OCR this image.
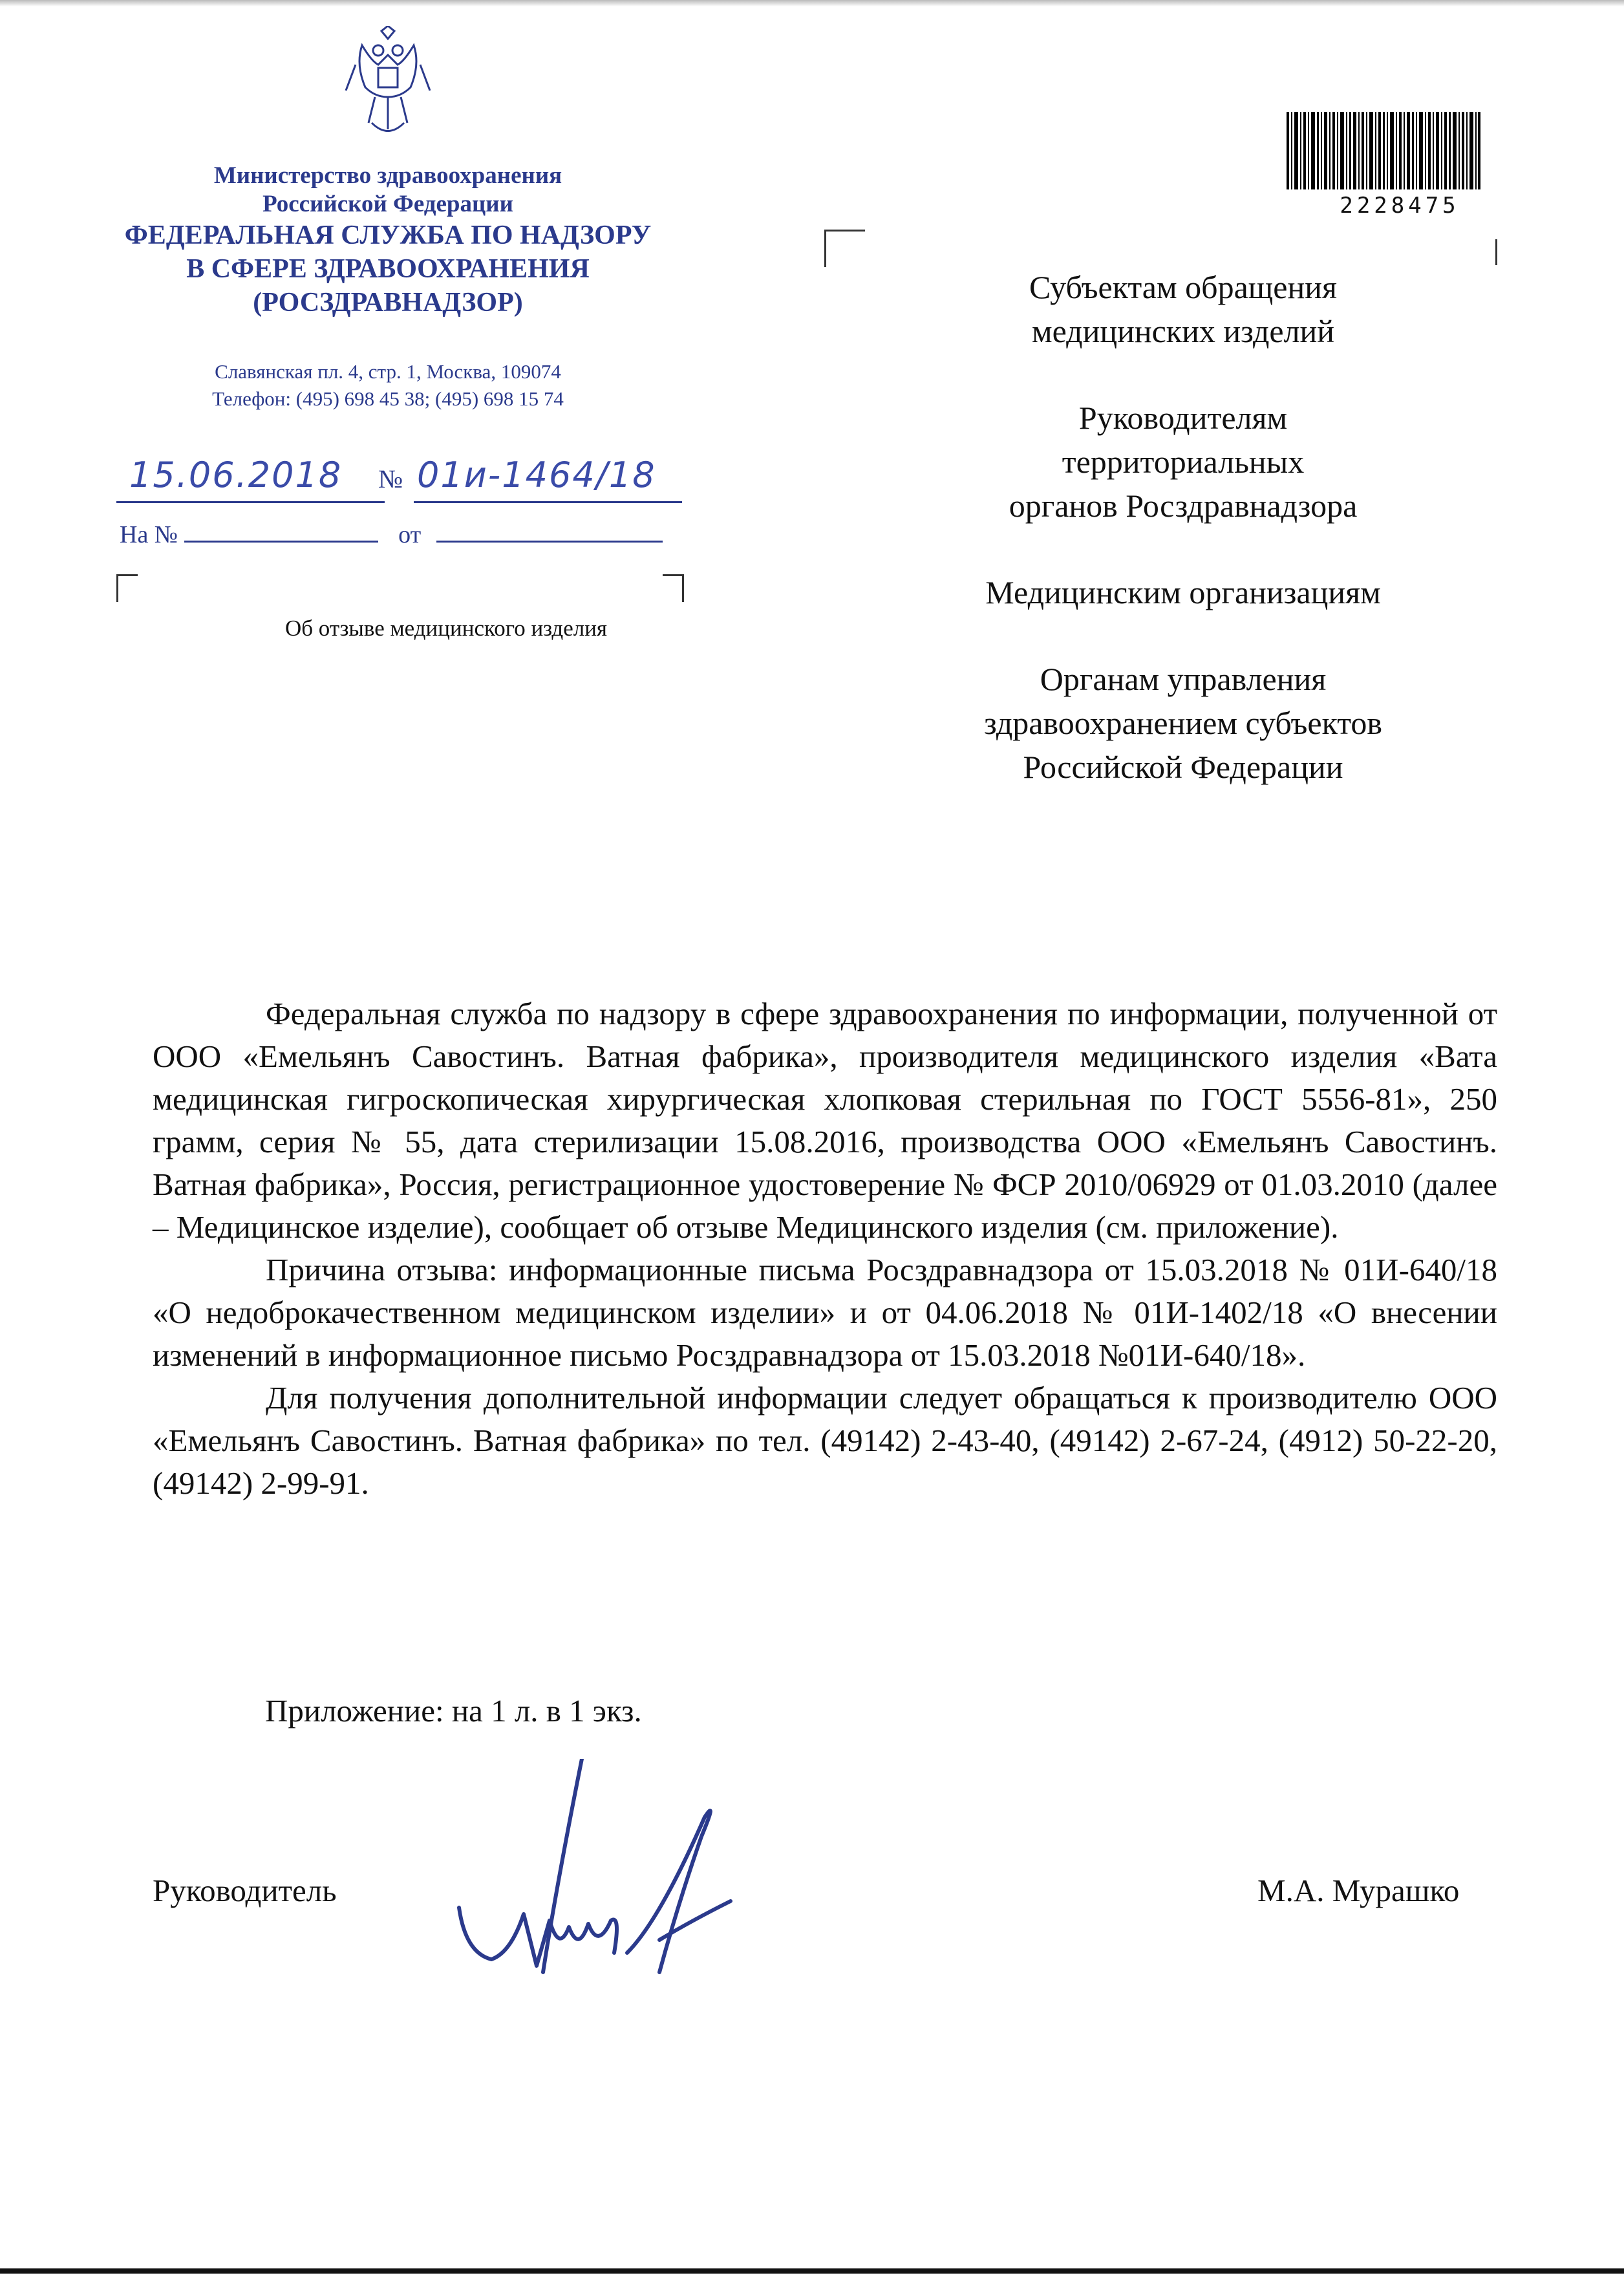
Министерство здравоохранения
Российской Федерации
ФЕДЕРАЛЬНАЯ СЛУЖБА ПО НАДЗОРУ
В СФЕРЕ ЗДРАВООХРАНЕНИЯ
(РОСЗДРАВНАДЗОР)
Славянская пл. 4, стр. 1, Москва, 109074
Телефон: (495) 698 45 38; (495) 698 15 74
15.06.2018 № 01и-1464/18
На №	от
Об отзыве медицинского изделия
2228475

Субъектам обращения
медицинских изделий

Руководителям
территориальных
органов Росздравнадзора

Медицинским организациям

Органам управления
здравоохранением субъектов
Российской Федерации

Федеральная служба по надзору в сфере здравоохранения по информации, полученной от ООО «Емельянъ Савостинъ. Ватная фабрика», производителя медицинского изделия «Вата медицинская гигроскопическая хирургическая хлопковая стерильная по ГОСТ 5556-81», 250 грамм, серия № 55, дата стерилизации 15.08.2016, производства ООО «Емельянъ Савостинъ. Ватная фабрика», Россия, регистрационное удостоверение № ФСР 2010/06929 от 01.03.2010 (далее – Медицинское изделие), сообщает об отзыве Медицинского изделия (см. приложение).

Причина отзыва: информационные письма Росздравнадзора от 15.03.2018 № 01И-640/18 «О недоброкачественном медицинском изделии» и от 04.06.2018 № 01И-1402/18 «О внесении изменений в информационное письмо Росздравнадзора от 15.03.2018 №01И-640/18».

Для получения дополнительной информации следует обращаться к производителю ООО «Емельянъ Савостинъ. Ватная фабрика» по тел. (49142) 2-43-40, (49142) 2-67-24, (4912) 50-22-20, (49142) 2-99-91.

Приложение: на 1 л. в 1 экз.
Руководитель	М.А. Мурашко
